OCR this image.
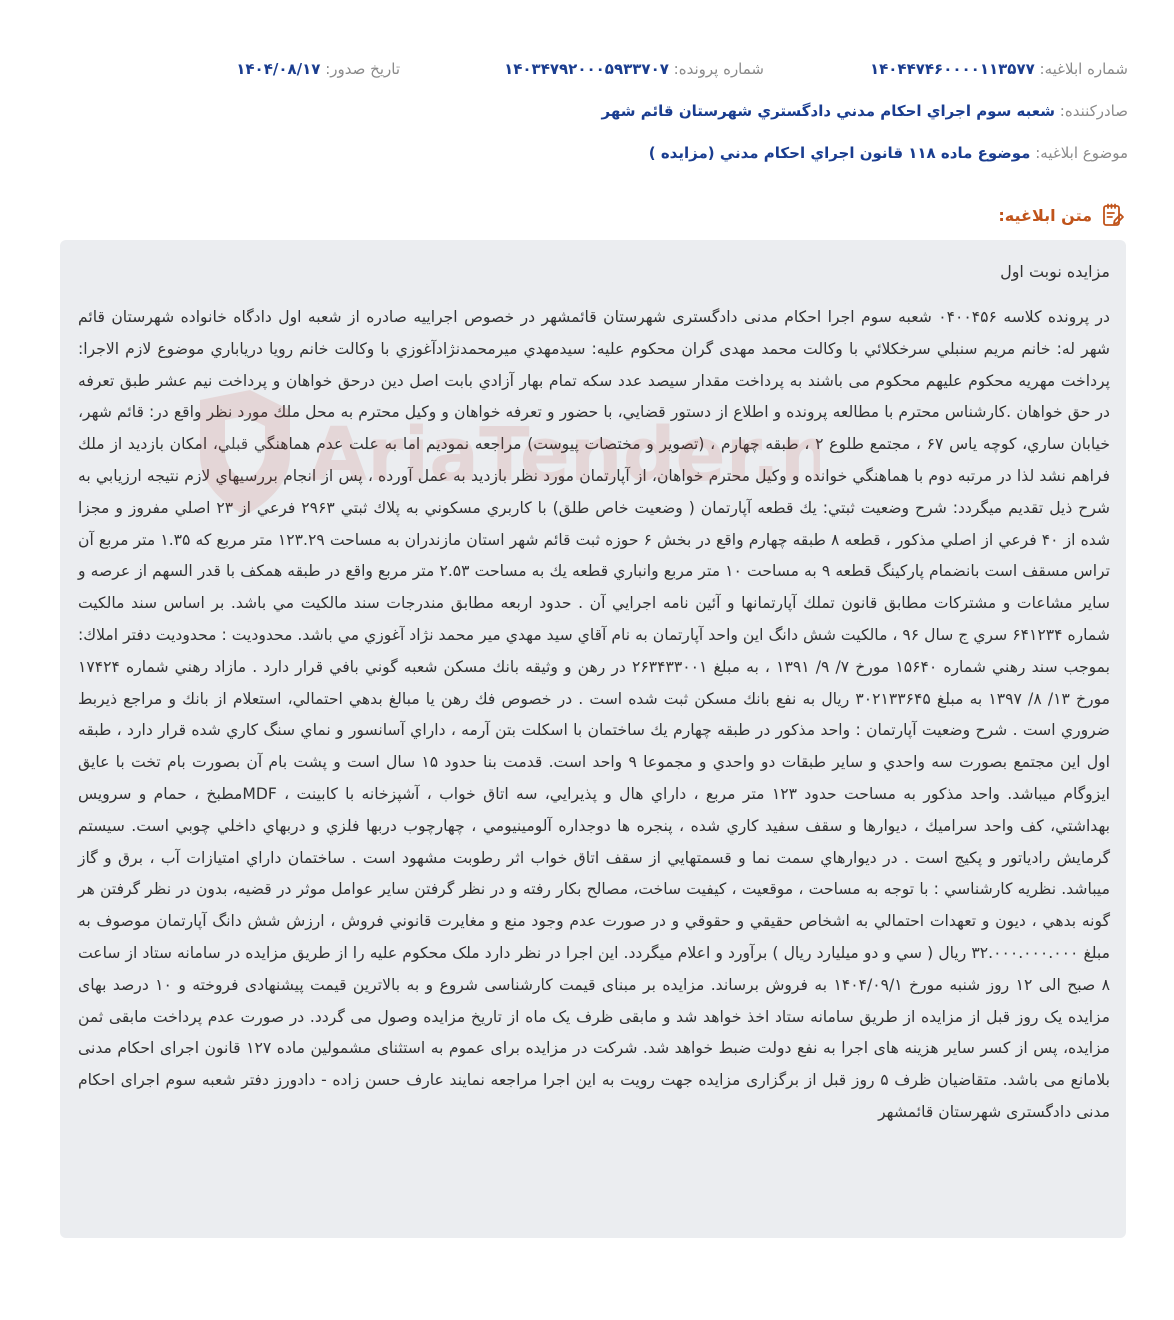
شماره ابلاغيه: ۱۴۰۴۴۷۴۶۰۰۰۰۱۱۳۵۷۷
شماره پرونده: ۱۴۰۳۴۷۹۲۰۰۰۵۹۳۳۷۰۷
تاريخ صدور: ۱۴۰۴/۰۸/۱۷
صادرکننده: شعبه سوم اجراي احكام مدني دادگستري شهرستان قائم شهر
موضوع ابلاغيه: موضوع ماده ۱۱۸ قانون اجراي احكام مدني (مزايده )
متن ابلاغيه:
مزايده نوبت اول
در پرونده كلاسه ۰۴۰۰۴۵۶ شعبه سوم اجرا احكام مدنی دادگستری شهرستان قائمشهر در خصوص اجراييه صادره از شعبه اول دادگاه خانواده شهرستان قائم شهر له: خانم مريم سنبلي سرخكلائي با وكالت محمد مهدی گران محكوم عليه: سيدمهدي ميرمحمدنژادآغوزي با وكالت خانم رويا درياباري موضوع لازم الاجرا: پرداخت مهريه محکوم عليهم محکوم می باشند به پرداخت مقدار سيصد عدد سكه تمام بهار آزادي بابت اصل دين درحق خواهان و پرداخت نيم عشر طبق تعرفه در حق خواهان .كارشناس محترم با مطالعه پرونده و اطلاع از دستور قضايي، با حضور و تعرفه خواهان و وكيل محترم به محل ملك مورد نظر واقع در: قائم شهر، خيابان ساري، كوچه ياس ۶۷ ، مجتمع طلوع ۲ ، طبقه چهارم ، (تصوير و مختصات پيوست) مراجعه نموديم اما به علت عدم هماهنگي قبلي، امكان بازديد از ملك فراهم نشد لذا در مرتبه دوم با هماهنگي خوانده و وكيل محترم خواهان، از آپارتمان مورد نظر بازديد به عمل آورده ، پس از انجام بررسيهاي لازم نتيجه ارزيابي به شرح ذيل تقديم ميگردد: شرح وضعيت ثبتي: يك قطعه آپارتمان ( وضعيت خاص طلق) با كاربري مسكوني به پلاك ثبتي ۲۹۶۳ فرعي از ۲۳ اصلي مفروز و مجزا شده از ۴۰ فرعي از اصلي مذكور ، قطعه ۸ طبقه چهارم واقع در بخش ۶ حوزه ثبت قائم شهر استان مازندران به مساحت ۱۲۳.۲۹ متر مربع كه ۱.۳۵ متر مربع آن تراس مسقف است بانضمام پاركينگ قطعه ۹ به مساحت ۱۰ متر مربع وانباري قطعه يك به مساحت ۲.۵۳ متر مربع واقع در طبقه همكف با قدر السهم از عرصه و ساير مشاعات و مشتركات مطابق قانون تملك آپارتمانها و آئين نامه اجرايي آن . حدود اربعه مطابق مندرجات سند مالكيت مي باشد. بر اساس سند مالكيت شماره ۶۴۱۲۳۴ سري ج سال ۹۶ ، مالكيت شش دانگ اين واحد آپارتمان به نام آقاي سيد مهدي مير محمد نژاد آغوزي مي باشد. محدوديت : محدوديت دفتر املاك: بموجب سند رهني شماره ۱۵۶۴۰ مورخ ۷/ ۹/ ۱۳۹۱ ، به مبلغ ۲۶۳۴۳۳۰۰۱ در رهن و وثيقه بانك مسكن شعبه گوني بافي قرار دارد . مازاد رهني شماره ۱۷۴۲۴ مورخ ۱۳/ ۸/ ۱۳۹۷ به مبلغ ۳۰۲۱۳۳۶۴۵ ريال به نفع بانك مسكن ثبت شده است . در خصوص فك رهن يا مبالغ بدهي احتمالي، استعلام از بانك و مراجع ذيربط ضروري است . شرح وضعيت آپارتمان : واحد مذكور در طبقه چهارم يك ساختمان با اسكلت بتن آرمه ، داراي آسانسور و نماي سنگ كاري شده قرار دارد ، طبقه اول اين مجتمع بصورت سه واحدي و ساير طبقات دو واحدي و مجموعا ۹ واحد است. قدمت بنا حدود ۱۵ سال است و پشت بام آن بصورت بام تخت با عايق ايزوگام ميباشد. واحد مذكور به مساحت حدود ۱۲۳ متر مربع ، داراي هال و پذيرايي، سه اتاق خواب ، آشپزخانه با كابينت ، MDFمطبخ ، حمام و سرويس بهداشتي، كف واحد سراميك ، ديوارها و سقف سفيد كاري شده ، پنجره ها دوجداره آلومينيومي ، چهارچوب دربها فلزي و دربهاي داخلي چوبي است. سيستم گرمايش رادياتور و پكيج است . در ديوارهاي سمت نما و قسمتهايي از سقف اتاق خواب اثر رطوبت مشهود است . ساختمان داراي امتيازات آب ، برق و گاز ميباشد. نظريه كارشناسي : با توجه به مساحت ، موقعيت ، كيفيت ساخت، مصالح بكار رفته و در نظر گرفتن ساير عوامل موثر در قضيه، بدون در نظر گرفتن هر گونه بدهي ، ديون و تعهدات احتمالي به اشخاص حقيقي و حقوقي و در صورت عدم وجود منع و مغايرت قانوني فروش ، ارزش شش دانگ آپارتمان موصوف به مبلغ ۳۲.۰۰۰.۰۰۰.۰۰۰ ريال ( سي و دو ميليارد ريال ) برآورد و اعلام ميگردد. اين اجرا در نظر دارد ملک محکوم عليه را از طريق مزايده در سامانه ستاد از ساعت ۸ صبح الی ۱۲ روز شنبه مورخ ۱۴۰۴/۰۹/۱ به فروش برساند. مزايده بر مبنای قيمت كارشناسی شروع و به بالاترين قيمت پيشنهادی فروخته و ۱۰ درصد بهای مزايده يک روز قبل از مزايده از طريق سامانه ستاد اخذ خواهد شد و مابقی ظرف يک ماه از تاريخ مزايده وصول می گردد. در صورت عدم پرداخت مابقی ثمن مزايده، پس از كسر ساير هزينه های اجرا به نفع دولت ضبط خواهد شد. شركت در مزايده برای عموم به استثنای مشمولين ماده ۱۲۷ قانون اجرای احكام مدنی بلامانع می باشد. متقاضيان ظرف ۵ روز قبل از برگزاری مزايده جهت رويت به اين اجرا مراجعه نمايند عارف حسن زاده - دادورز دفتر شعبه سوم اجرای احکام مدنی دادگستری شهرستان قائمشهر
